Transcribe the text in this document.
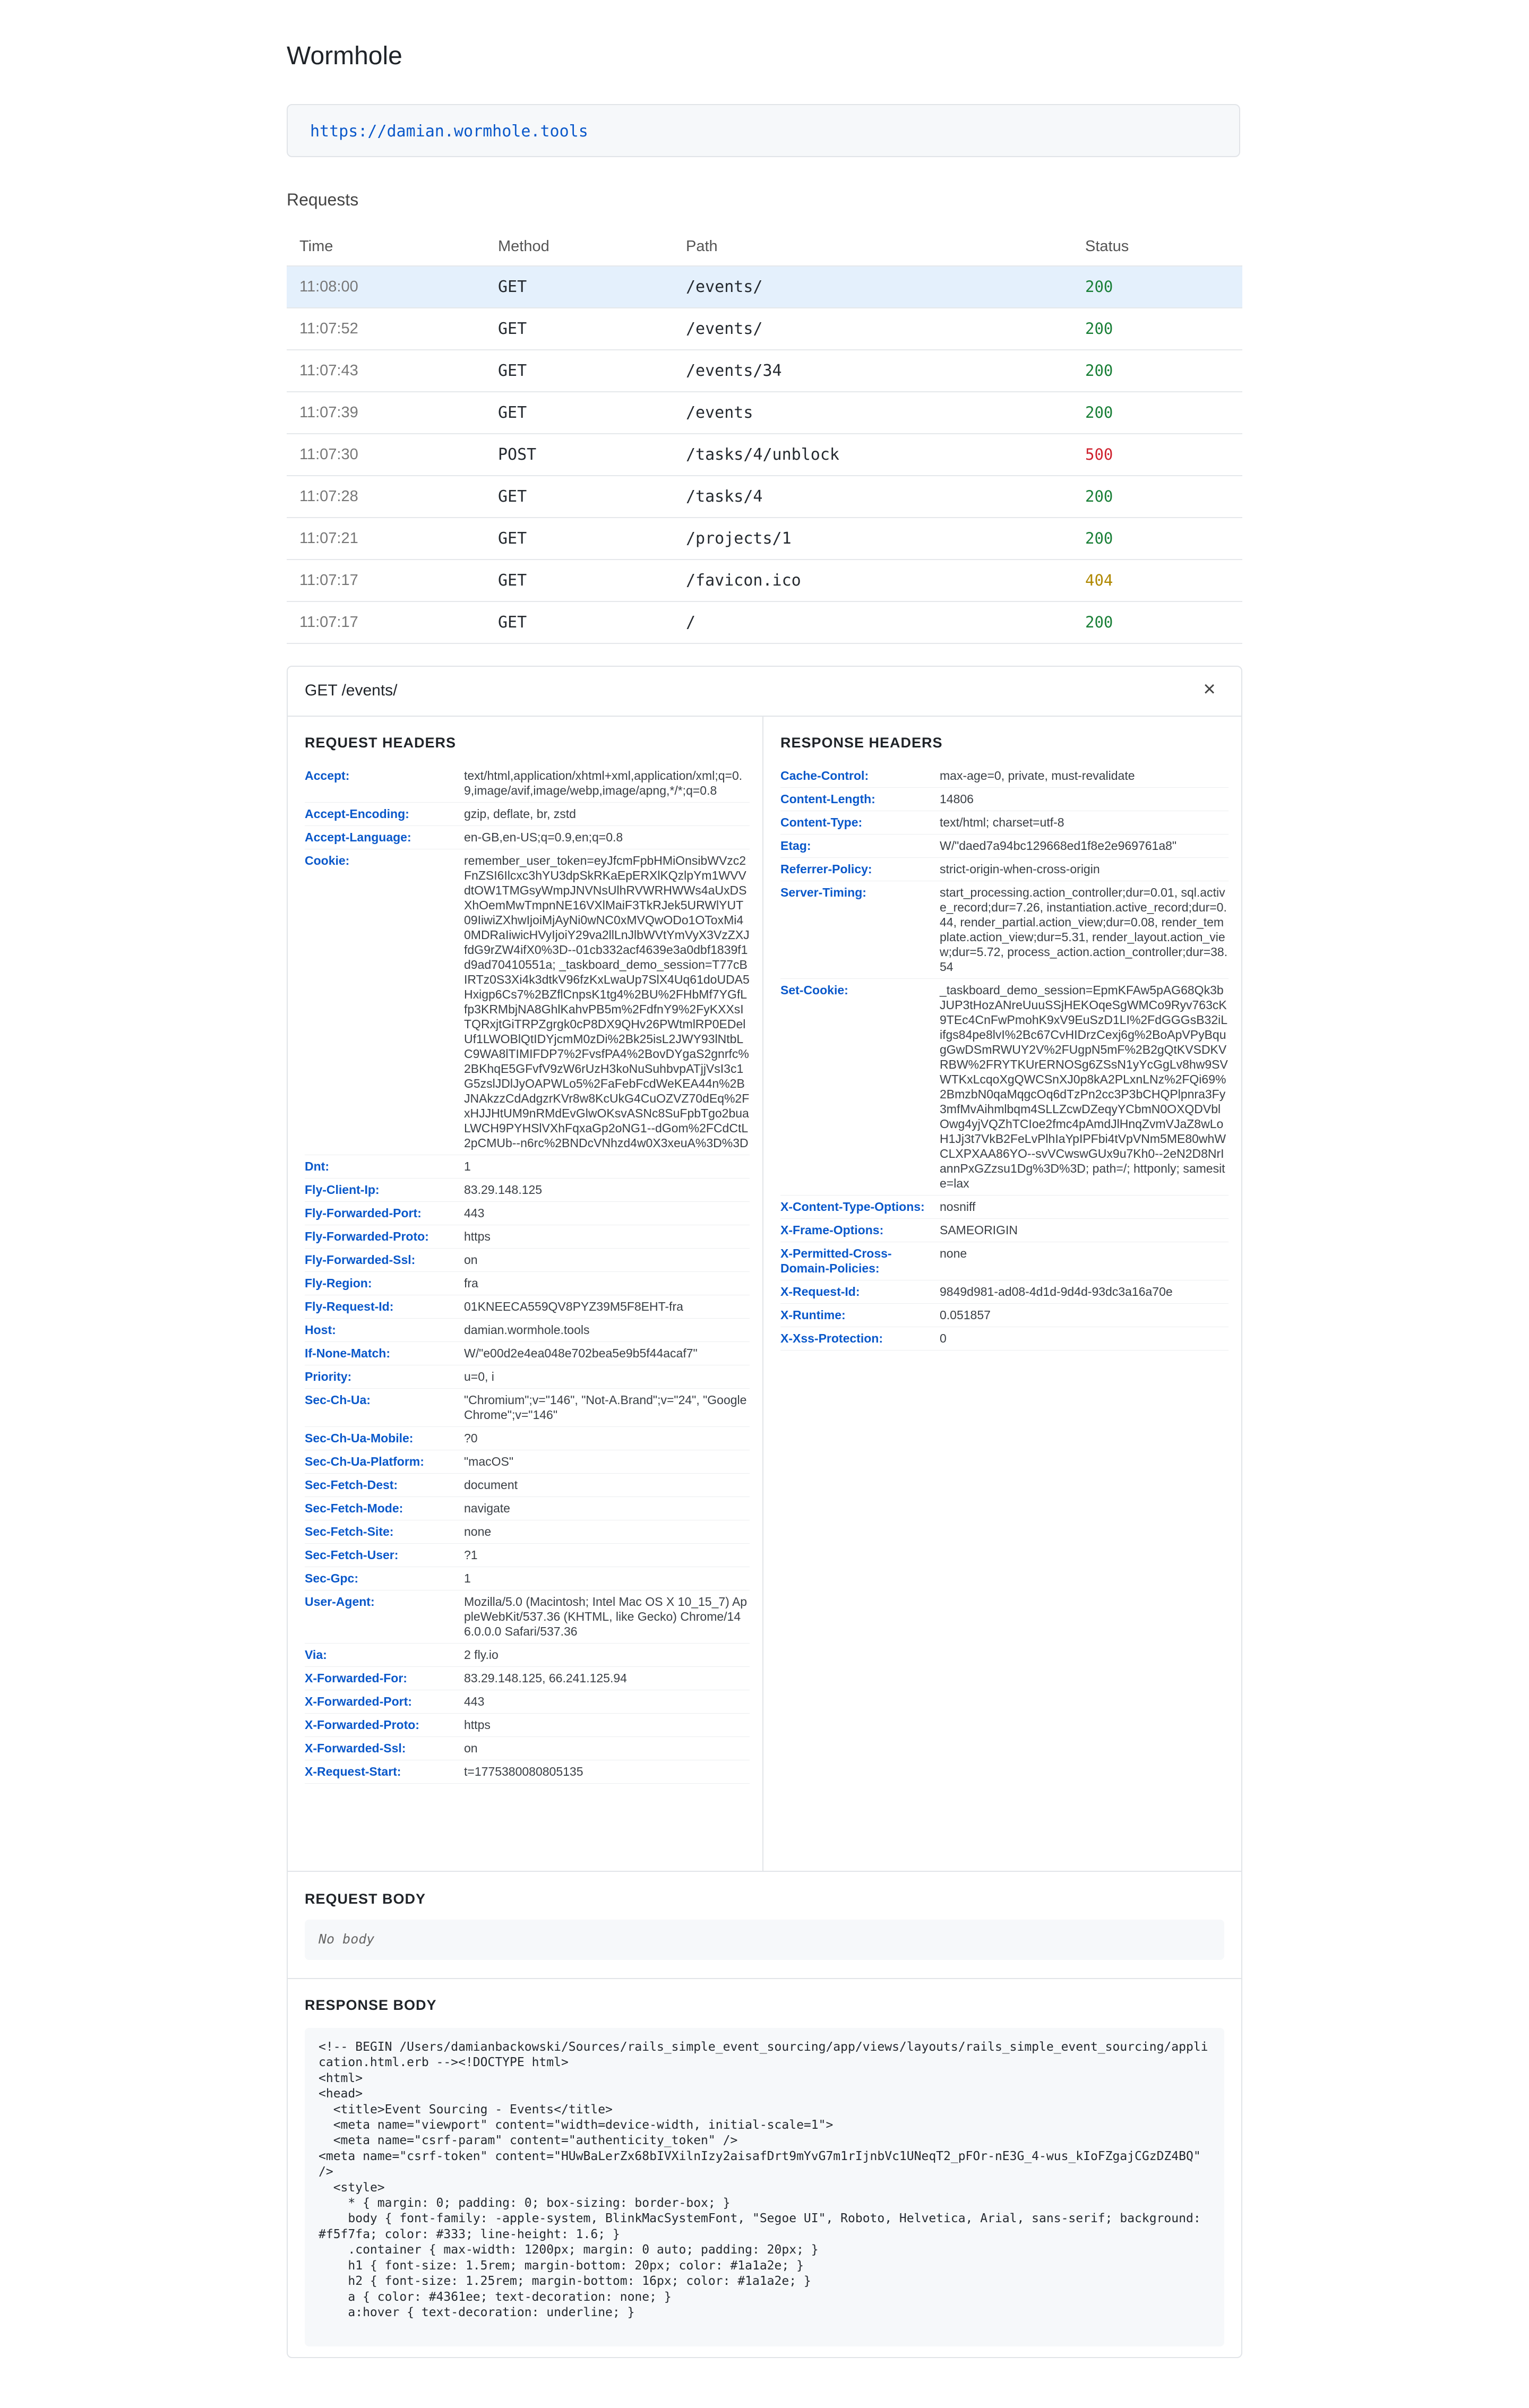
Wormhole
https://damian.wormhole.tools
Requests
Time	Method	Path	Status
11:08:00	GET	/events/	200
11:07:52	GET	/events/	200
11:07:43	GET	/events/34	200
11:07:39	GET	/events	200
11:07:30	POST	/tasks/4/unblock	500
11:07:28	GET	/tasks/4	200
11:07:21	GET	/projects/1	200
11:07:17	GET	/favicon.ico	404
11:07:17	GET	/	200
GET /events/	×
REQUEST HEADERS
Accept:	text/html,application/xhtml+xml,application/xml;q=0.9,image/avif,image/webp,image/apng,*/*;q=0.8
Accept-Encoding:	gzip, deflate, br, zstd
Accept-Language:	en-GB,en-US;q=0.9,en;q=0.8
Cookie:	remember_user_token=eyJfcmFpbHMiOnsibWVzc2FnZSI6Ilcxc3hYU3dpSkRKaEpERXlKQzlpYm1WVVdtOW1TMGsyWmpJNVNsUlhRVWRHWWs4aUxDSXhOemMwTmpnNE16VXlMaiF3TkRJek5URWlYUT09IiwiZXhwIjoiMjAyNi0wNC0xMVQwODo1OToxMi40MDRaIiwicHVyIjoiY29va2llLnJlbWVtYmVyX3VzZXJfdG9rZW4ifX0%3D--01cb332acf4639e3a0dbf1839f1d9ad70410551a; _taskboard_demo_session=T77cBIRTz0S3Xi4k3dtkV96fzKxLwaUp7SlX4Uq61doUDA5Hxigp6Cs7%2BZflCnpsK1tg4%2BU%2FHbMf7YGfLfp3KRMbjNA8GhlKahvPB5m%2FdfnY9%2FyKXXsITQRxjtGiTRPZgrgk0cP8DX9QHv26PWtmlRP0EDelUf1LWOBlQtIDYjcmM0zDi%2Bk25isL2JWY93lNtbLC9WA8lTIMIFDP7%2FvsfPA4%2BovDYgaS2gnrfc%2BKhqE5GFvfV9zW6rUzH3koNuSuhbvpATjjVsI3c1G5zslJDlJyOAPWLo5%2FaFebFcdWeKEA44n%2BJNAkzzCdAdgzrKVr8w8KcUkG4CuOZVZ70dEq%2FxHJJHtUM9nRMdEvGlwOKsvASNc8SuFpbTgo2buaLWCH9PYHSlVXhFqxaGp2oNG1--dGom%2FCdCtL2pCMUb--n6rc%2BNDcVNhzd4w0X3xeuA%3D%3D
Dnt:	1
Fly-Client-Ip:	83.29.148.125
Fly-Forwarded-Port:	443
Fly-Forwarded-Proto:	https
Fly-Forwarded-Ssl:	on
Fly-Region:	fra
Fly-Request-Id:	01KNEECA559QV8PYZ39M5F8EHT-fra
Host:	damian.wormhole.tools
If-None-Match:	W/"e00d2e4ea048e702bea5e9b5f44acaf7"
Priority:	u=0, i
Sec-Ch-Ua:	"Chromium";v="146", "Not-A.Brand";v="24", "Google Chrome";v="146"
Sec-Ch-Ua-Mobile:	?0
Sec-Ch-Ua-Platform:	"macOS"
Sec-Fetch-Dest:	document
Sec-Fetch-Mode:	navigate
Sec-Fetch-Site:	none
Sec-Fetch-User:	?1
Sec-Gpc:	1
User-Agent:	Mozilla/5.0 (Macintosh; Intel Mac OS X 10_15_7) AppleWebKit/537.36 (KHTML, like Gecko) Chrome/146.0.0.0 Safari/537.36
Via:	2 fly.io
X-Forwarded-For:	83.29.148.125, 66.241.125.94
X-Forwarded-Port:	443
X-Forwarded-Proto:	https
X-Forwarded-Ssl:	on
X-Request-Start:	t=1775380080805135
RESPONSE HEADERS
Cache-Control:	max-age=0, private, must-revalidate
Content-Length:	14806
Content-Type:	text/html; charset=utf-8
Etag:	W/"daed7a94bc129668ed1f8e2e969761a8"
Referrer-Policy:	strict-origin-when-cross-origin
Server-Timing:	start_processing.action_controller;dur=0.01, sql.active_record;dur=7.26, instantiation.active_record;dur=0.44, render_partial.action_view;dur=0.08, render_template.action_view;dur=5.31, render_layout.action_view;dur=5.72, process_action.action_controller;dur=38.54
Set-Cookie:	_taskboard_demo_session=EpmKFAw5pAG68Qk3bJUP3tHozANreUuuSSjHEKOqeSgWMCo9Ryv763cK9TEc4CnFwPmohK9xV9EuSzD1LI%2FdGGGsB32iLifgs84pe8lvI%2Bc67CvHIDrzCexj6g%2BoApVPyBqugGwDSmRWUY2V%2FUgpN5mF%2B2gQtKVSDKVRBW%2FRYTKUrERNOSg6ZSsN1yYcGgLv8hw9SVWTKxLcqoXgQWCSnXJ0p8kA2PLxnLNz%2FQi69%2BmzbN0qaMqgcOq6dTzPn2cc3P3bCHQPlpnra3Fy3mfMvAihmlbqm4SLLZcwDZeqyYCbmN0OXQDVblOwg4yjVQZhTCIoe2fmc4pAmdJlHnqZvmVJaZ8wLoH1Jj3t7VkB2FeLvPlhIaYpIPFbi4tVpVNm5ME80whWCLXPXAA86YO--svVCwswGUx9u7Kh0--2eN2D8NrIannPxGZzsu1Dg%3D%3D; path=/; httponly; samesite=lax
X-Content-Type-Options:	nosniff
X-Frame-Options:	SAMEORIGIN
X-Permitted-Cross-Domain-Policies:
none
X-Request-Id:	9849d981-ad08-4d1d-9d4d-93dc3a16a70e
X-Runtime:	0.051857
X-Xss-Protection:	0
REQUEST BODY
No body
RESPONSE BODY
<!-- BEGIN /Users/damianbackowski/Sources/rails_simple_event_sourcing/app/views/layouts/rails_simple_event_sourcing/application.html.erb --><!DOCTYPE html>
<html>
<head>
<title>Event Sourcing - Events</title>
<meta name="viewport" content="width=device-width, initial-scale=1">
<meta name="csrf-param" content="authenticity_token" />
<meta name="csrf-token" content="HUwBaLerZx68bIVXilnIzy2aisafDrt9mYvG7m1rIjnbVc1UNeqT2_pFOr-nE3G_4-wus_kIoFZgajCGzDZ4BQ" />
<style>
* { margin: 0; padding: 0; box-sizing: border-box; }
body { font-family: -apple-system, BlinkMacSystemFont, "Segoe UI", Roboto, Helvetica, Arial, sans-serif; background: #f5f7fa; color: #333; line-height: 1.6; }
.container { max-width: 1200px; margin: 0 auto; padding: 20px; }
h1 { font-size: 1.5rem; margin-bottom: 20px; color: #1a1a2e; }
h2 { font-size: 1.25rem; margin-bottom: 16px; color: #1a1a2e; }
a { color: #4361ee; text-decoration: none; }
a:hover { text-decoration: underline; }
